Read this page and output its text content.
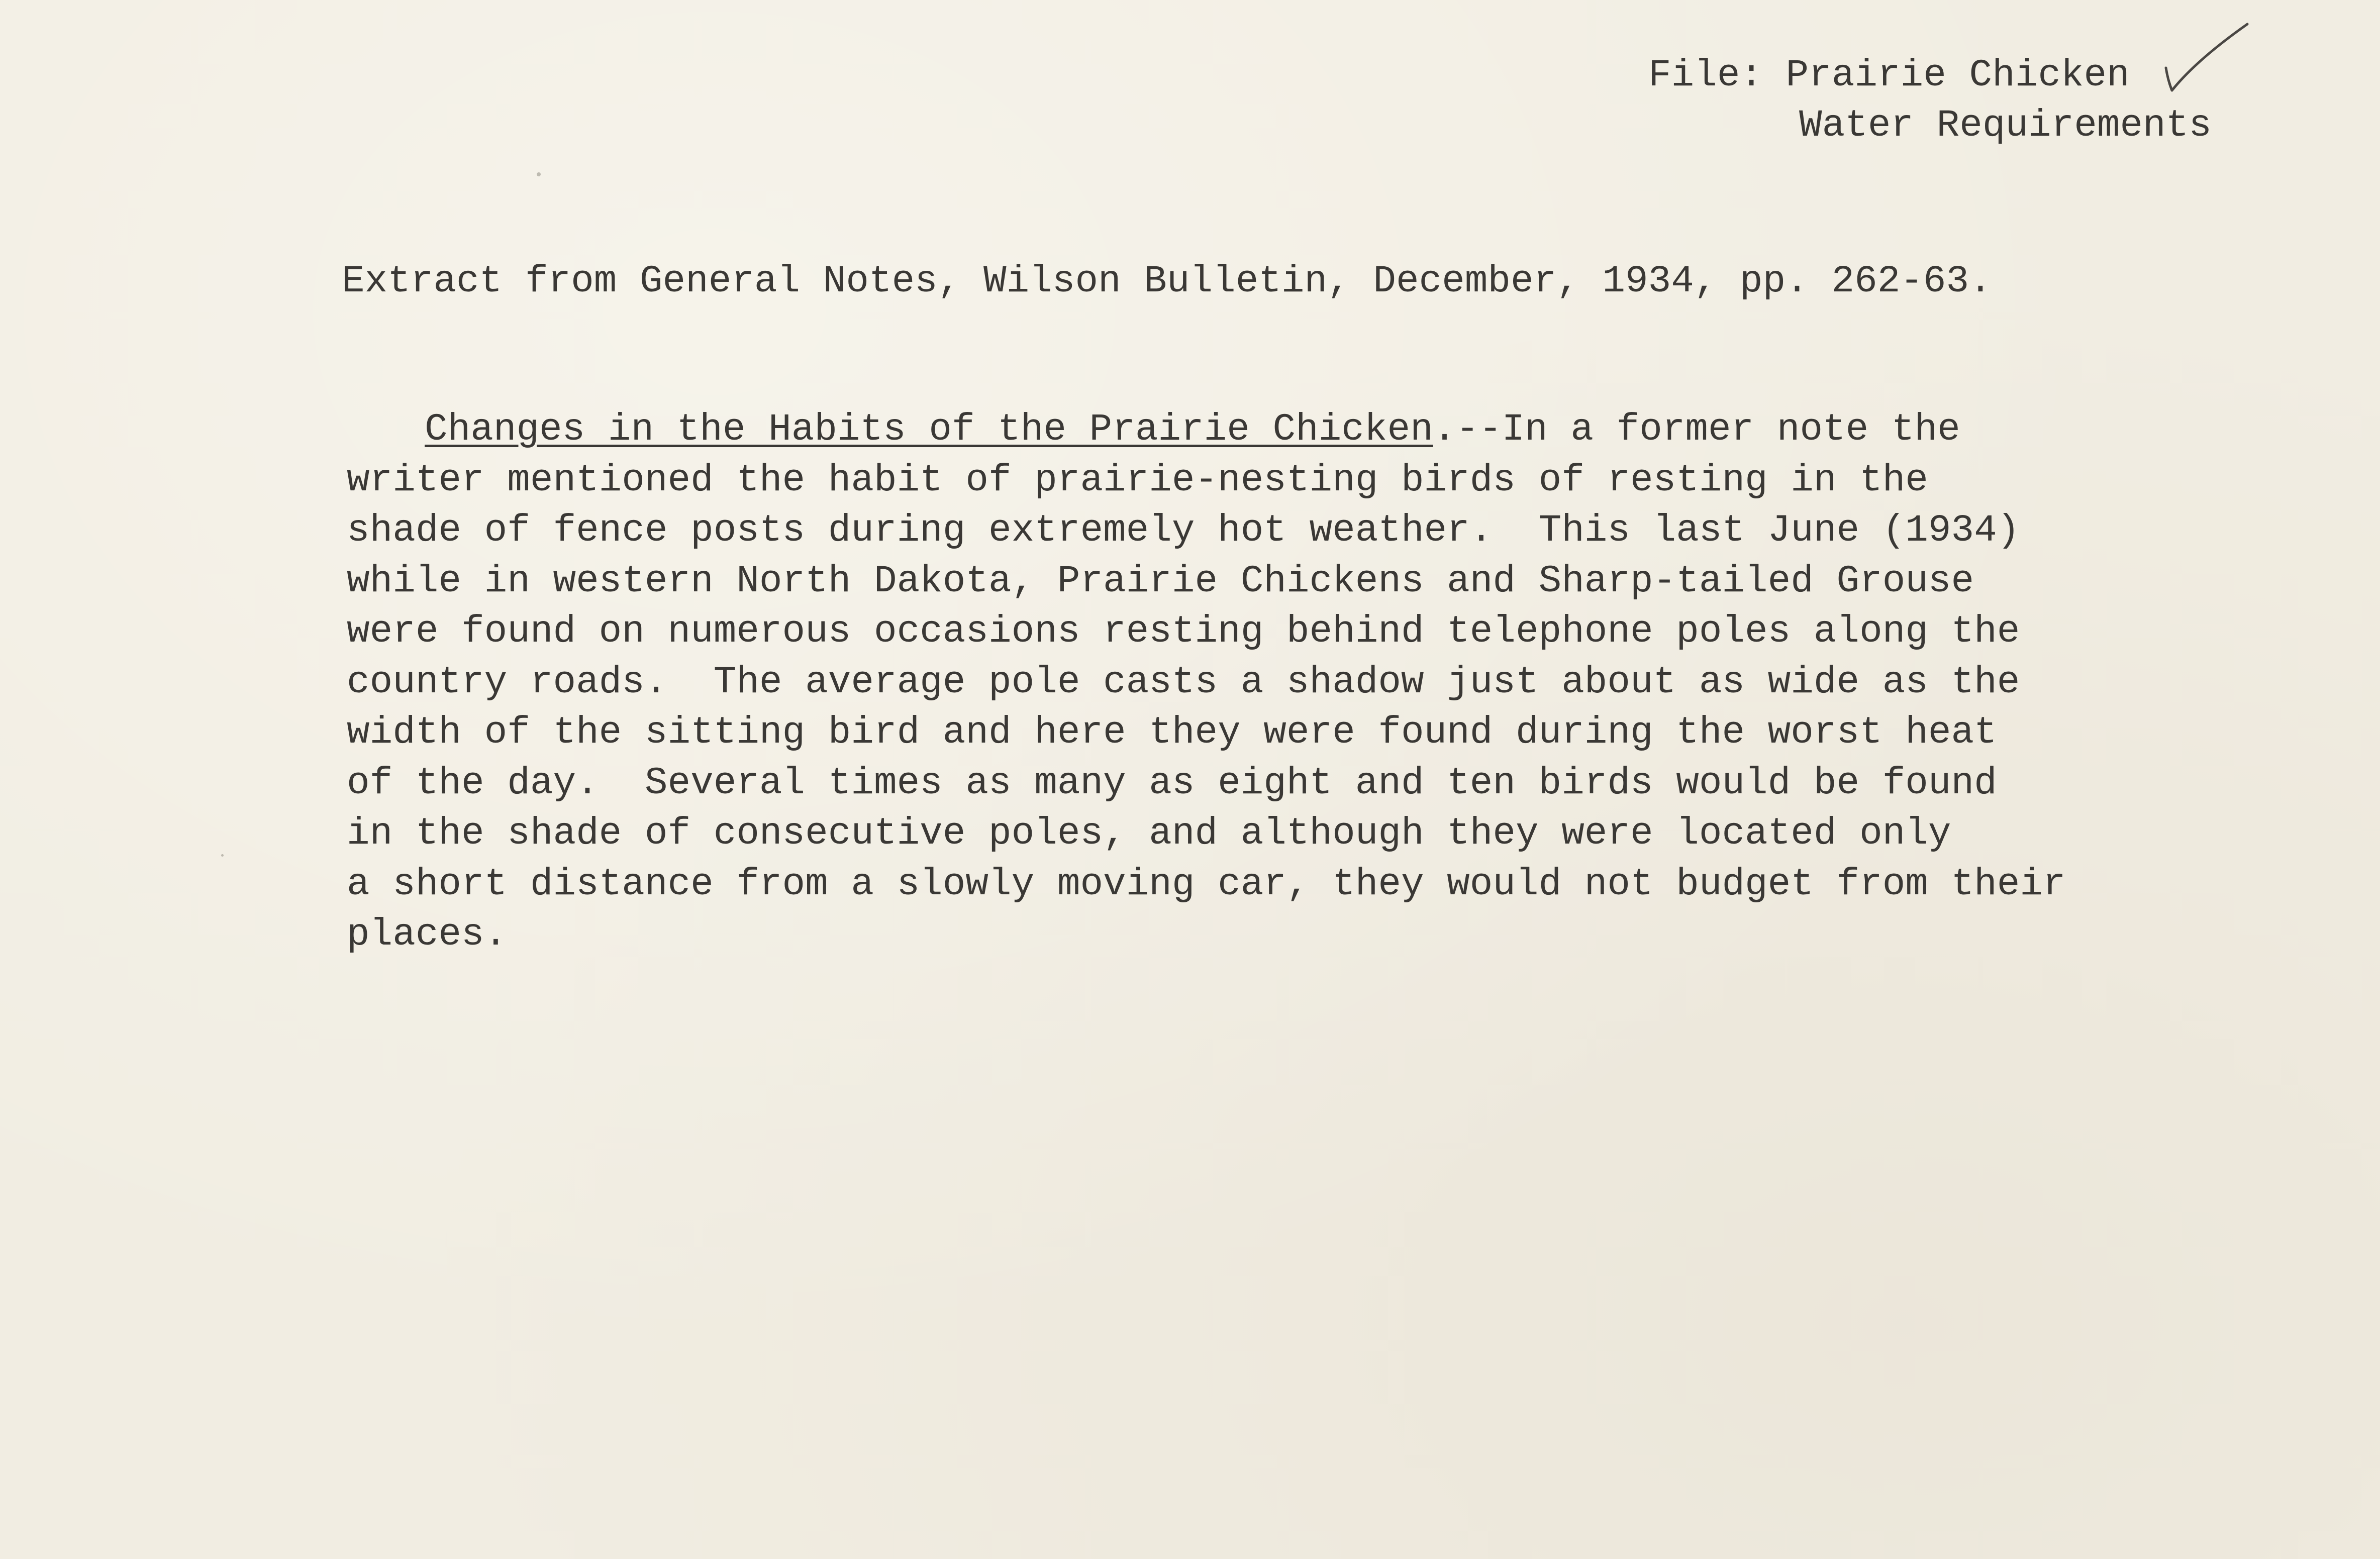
File: Prairie Chicken

Water Requirements

Extract from General Notes, Wilson Bulletin, December, 1934, pp. 262-63.
Changes in the Habits of the Prairie Chicken.--In a former note the
writer mentioned the habit of prairie-nesting birds of resting in the
shade of fence posts during extremely hot weather.  This last June (1934)
while in western North Dakota, Prairie Chickens and Sharp-tailed Grouse
were found on numerous occasions resting behind telephone poles along the
country roads.  The average pole casts a shadow just about as wide as the
width of the sitting bird and here they were found during the worst heat
of the day.  Several times as many as eight and ten birds would be found
in the shade of consecutive poles, and although they were located only
a short distance from a slowly moving car, they would not budget from their
places.
